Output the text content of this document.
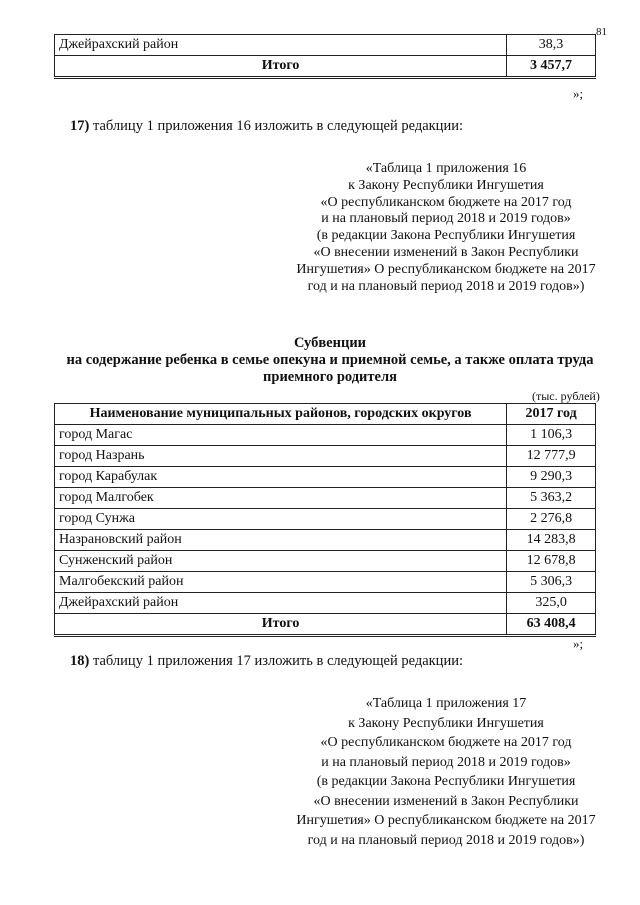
81
Джейрахский район	38,3
Итого	3 457,7
»;
17) таблицу 1 приложения 16 изложить в следующей редакции:
«Таблица 1 приложения 16
к Закону Республики Ингушетия
«О республиканском бюджете на 2017 год
и на плановый период 2018 и 2019 годов»
(в редакции Закона Республики Ингушетия
«О внесении изменений в Закон Республики
Ингушетия» О республиканском бюджете на 2017
год и на плановый период 2018 и 2019 годов»)
Субвенции
на содержание ребенка в семье опекуна и приемной семье, а также оплата труда
приемного родителя
(тыс. рублей)
Наименование муниципальных районов, городских округов	2017 год
город Магас	1 106,3
город Назрань	12 777,9
город Карабулак	9 290,3
город Малгобек	5 363,2
город Сунжа	2 276,8
Назрановский район	14 283,8
Сунженский район	12 678,8
Малгобекский район	5 306,3
Джейрахский район	325,0
Итого	63 408,4
»;
18) таблицу 1 приложения 17 изложить в следующей редакции:
«Таблица 1 приложения 17
к Закону Республики Ингушетия
«О республиканском бюджете на 2017 год
и на плановый период 2018 и 2019 годов»
(в редакции Закона Республики Ингушетия
«О внесении изменений в Закон Республики
Ингушетия» О республиканском бюджете на 2017
год и на плановый период 2018 и 2019 годов»)
